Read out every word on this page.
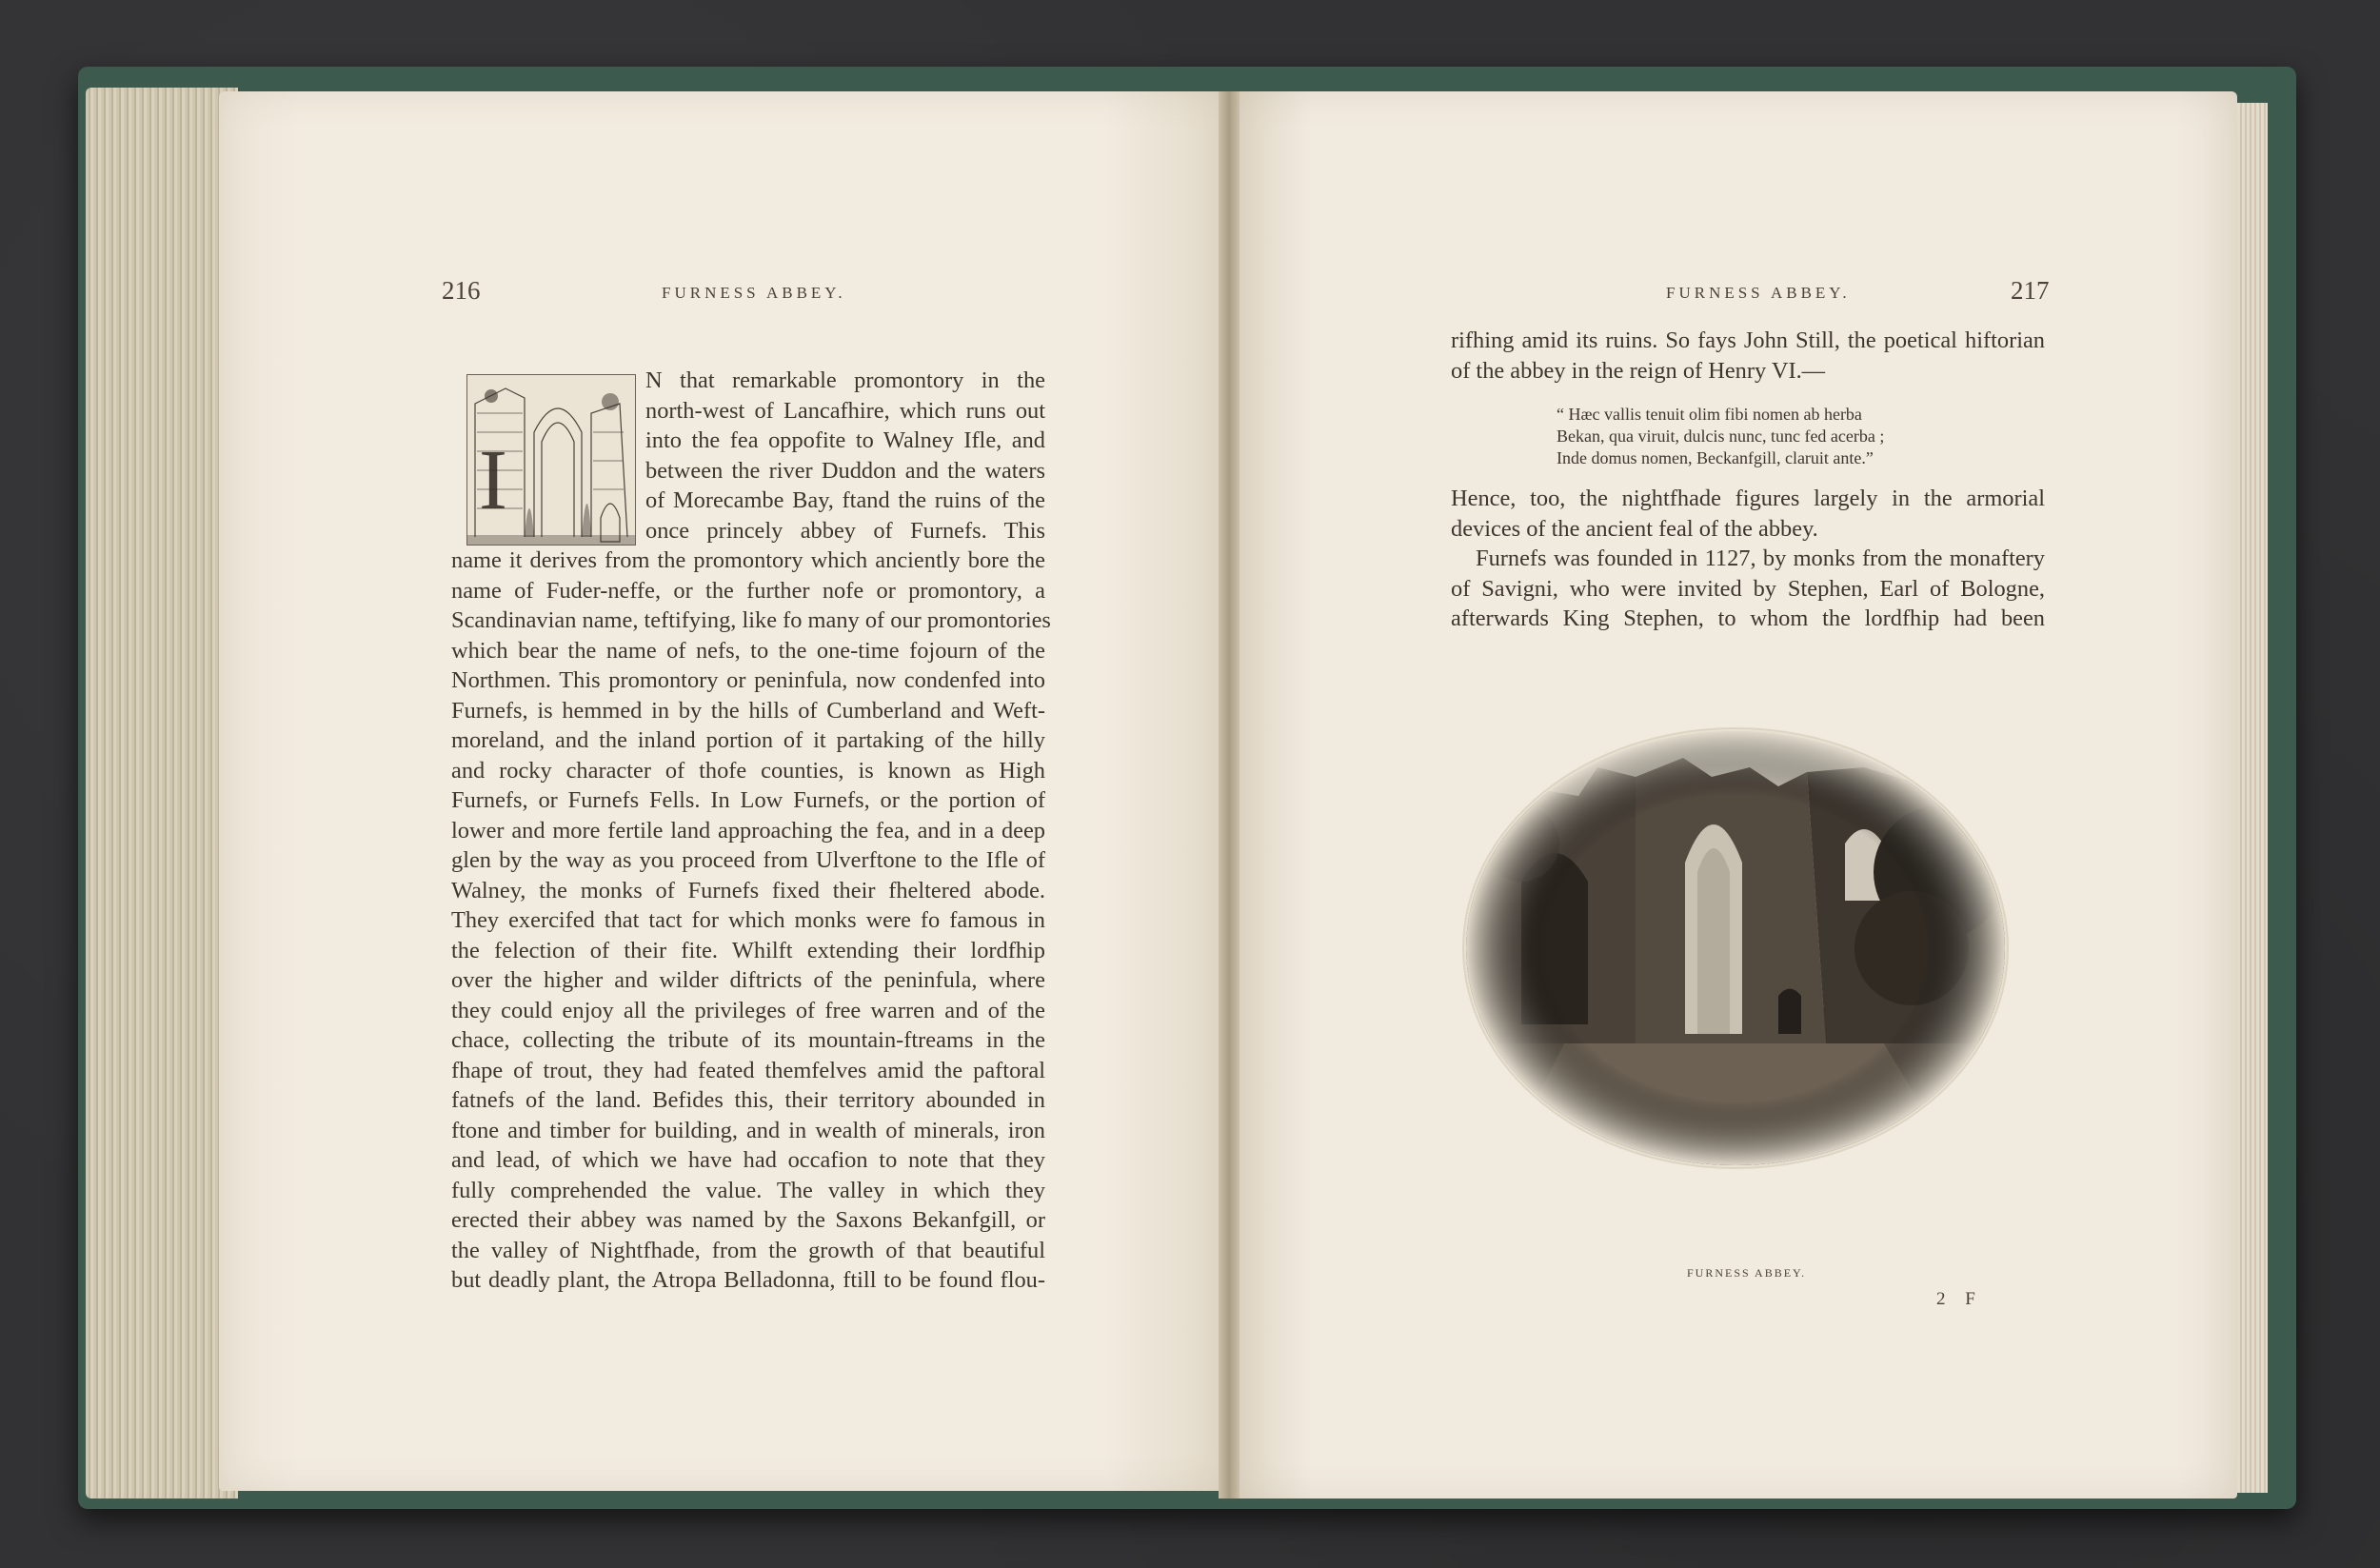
216	FURNESS ABBEY.
I
N that remarkable promontory in the
north-west of Lancafhire, which runs out
into the fea oppofite to Walney Ifle, and
between the river Duddon and the waters
of Morecambe Bay, ftand the ruins of the
once princely abbey of Furnefs. This
name it derives from the promontory which anciently bore the
name of Fuder-neffe, or the further nofe or promontory, a
Scandinavian name, teftifying, like fo many of our promontories
which bear the name of nefs, to the one-time fojourn of the
Northmen. This promontory or peninfula, now condenfed into
Furnefs, is hemmed in by the hills of Cumberland and Weft-
moreland, and the inland portion of it partaking of the hilly
and rocky character of thofe counties, is known as High
Furnefs, or Furnefs Fells. In Low Furnefs, or the portion of
lower and more fertile land approaching the fea, and in a deep
glen by the way as you proceed from Ulverftone to the Ifle of
Walney, the monks of Furnefs fixed their fheltered abode.
They exercifed that tact for which monks were fo famous in
the felection of their fite. Whilft extending their lordfhip
over the higher and wilder diftricts of the peninfula, where
they could enjoy all the privileges of free warren and of the
chace, collecting the tribute of its mountain-ftreams in the
fhape of trout, they had feated themfelves amid the paftoral
fatnefs of the land. Befides this, their territory abounded in
ftone and timber for building, and in wealth of minerals, iron
and lead, of which we have had occafion to note that they
fully comprehended the value. The valley in which they
erected their abbey was named by the Saxons Bekanfgill, or
the valley of Nightfhade, from the growth of that beautiful
but deadly plant, the Atropa Belladonna, ftill to be found flou-
FURNESS ABBEY.	217
rifhing amid its ruins. So fays John Still, the poetical hiftorian
of the abbey in the reign of Henry VI.—
“ Hæc vallis tenuit olim fibi nomen ab herba
Bekan, qua viruit, dulcis nunc, tunc fed acerba ;
Inde domus nomen, Beckanfgill, claruit ante.”
Hence, too, the nightfhade figures largely in the armorial
devices of the ancient feal of the abbey.
Furnefs was founded in 1127, by monks from the monaftery
of Savigni, who were invited by Stephen, Earl of Bologne,
afterwards King Stephen, to whom the lordfhip had been
FURNESS ABBEY.
2 F
